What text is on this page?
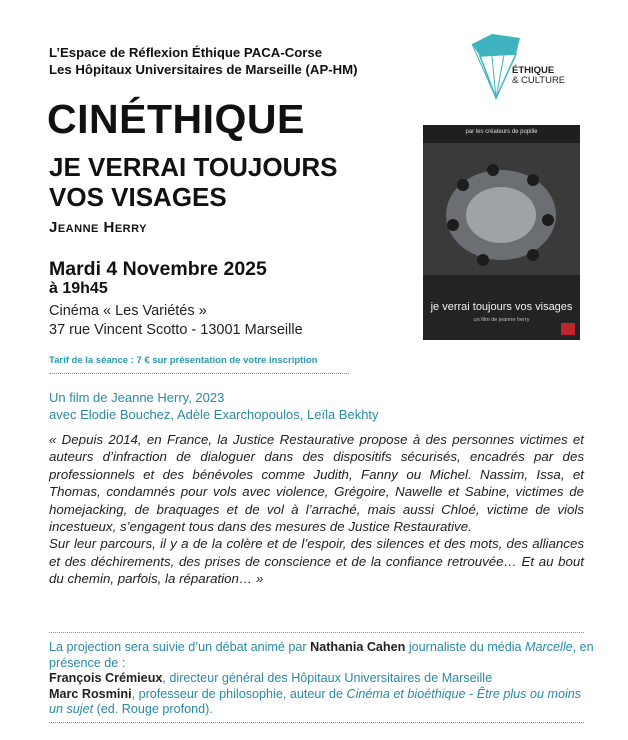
L’Espace de Réflexion Éthique PACA-Corse
Les Hôpitaux Universitaires de Marseille (AP-HM)	ÉTHIQUE
& CULTURE
CINÉTHIQUE
JE VERRAI TOUJOURS
VOS VISAGES
Jeanne Herry
Mardi 4 Novembre 2025
à 19h45
Cinéma « Les Variétés »
37 rue Vincent Scotto - 13001 Marseille
Tarif de la séance : 7 € sur présentation de votre inscription
par les créateurs de pupille
je verrai toujours vos visages
un film de jeanne herry
Un film de Jeanne Herry, 2023
avec Elodie Bouchez, Adèle Exarchopoulos, Leïla Bekhty

« Depuis 2014, en France, la Justice Restaurative propose à des personnes victimes et auteurs d’infraction de dialoguer dans des dispositifs sécurisés, encadrés par des professionnels et des bénévoles comme Judith, Fanny ou Michel. Nassim, Issa, et Thomas, condamnés pour vols avec violence, Grégoire, Nawelle et Sabine, victimes de homejacking, de braquages et de vol à l’arraché, mais aussi Chloé, victime de viols incestueux, s’engagent tous dans des mesures de Justice Restaurative.

Sur leur parcours, il y a de la colère et de l’espoir, des silences et des mots, des alliances et des déchirements, des prises de conscience et de la confiance retrouvée… Et au bout du chemin, parfois, la réparation… »

La projection sera suivie d’un débat animé par Nathania Cahen journaliste du média Marcelle, en présence de :
François Crémieux, directeur général des Hôpitaux Universitaires de Marseille
Marc Rosmini, professeur de philosophie, auteur de Cinéma et bioéthique - Être plus ou moins un sujet (ed. Rouge profond).
